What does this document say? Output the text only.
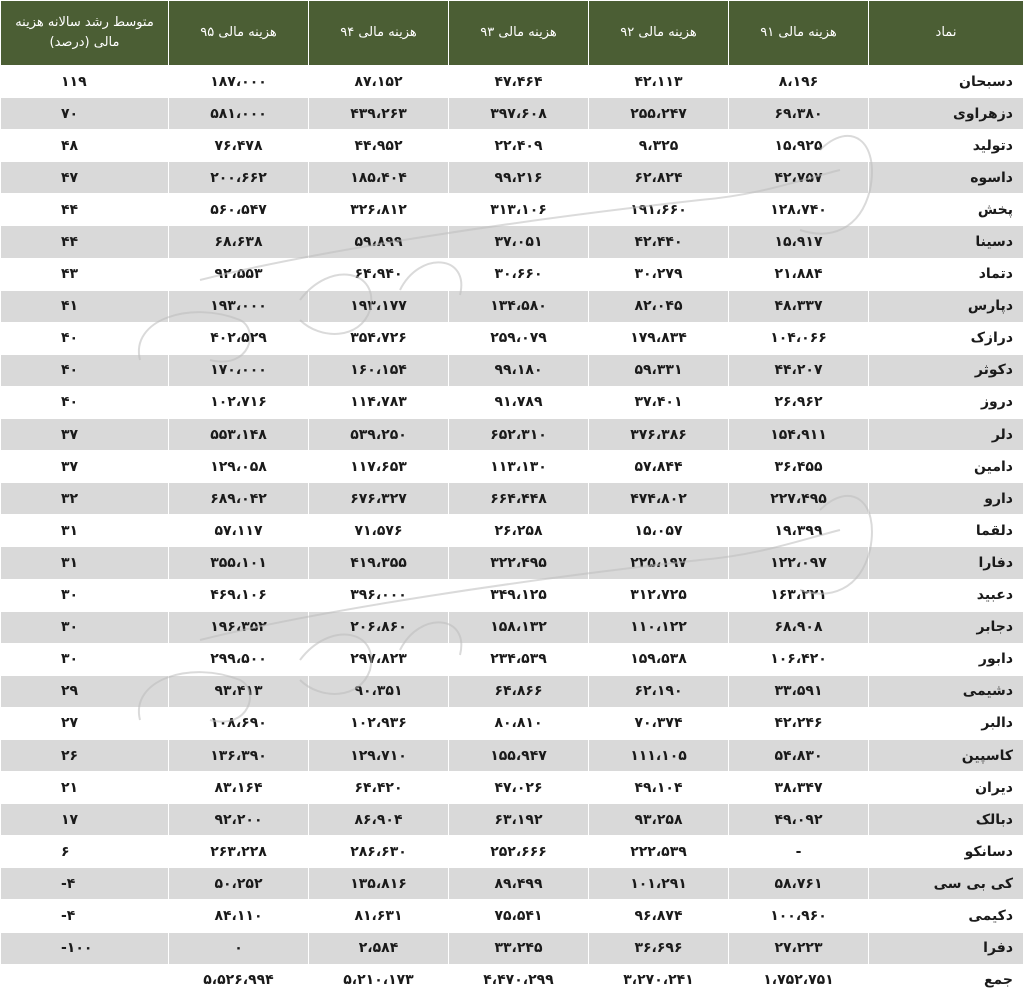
نماد	هزینه مالی ۹۱	هزینه مالی ۹۲	هزینه مالی ۹۳	هزینه مالی ۹۴	هزینه مالی ۹۵	متوسط رشد سالانه هزینه
مالی (درصد)

دسبحان	۸،۱۹۶	۴۲،۱۱۳	۴۷،۴۶۴	۸۷،۱۵۲	۱۸۷،۰۰۰	۱۱۹
دزهراوی	۶۹،۳۸۰	۲۵۵،۲۴۷	۳۹۷،۶۰۸	۴۳۹،۲۶۳	۵۸۱،۰۰۰	۷۰
دتولید	۱۵،۹۲۵	۹،۳۲۵	۲۲،۴۰۹	۴۴،۹۵۲	۷۶،۴۷۸	۴۸
داسوه	۴۲،۷۵۷	۶۲،۸۲۴	۹۹،۲۱۶	۱۸۵،۴۰۴	۲۰۰،۶۶۲	۴۷
پخش	۱۲۸،۷۴۰	۱۹۱،۶۶۰	۳۱۳،۱۰۶	۳۲۶،۸۱۲	۵۶۰،۵۴۷	۴۴
دسینا	۱۵،۹۱۷	۴۲،۴۴۰	۳۷،۰۵۱	۵۹،۸۹۹	۶۸،۶۳۸	۴۴
دتماد	۲۱،۸۸۴	۳۰،۲۷۹	۳۰،۶۶۰	۶۴،۹۴۰	۹۲،۵۵۳	۴۳
دپارس	۴۸،۳۳۷	۸۲،۰۴۵	۱۳۴،۵۸۰	۱۹۳،۱۷۷	۱۹۳،۰۰۰	۴۱
درازک	۱۰۴،۰۶۶	۱۷۹،۸۳۴	۲۵۹،۰۷۹	۳۵۴،۷۲۶	۴۰۲،۵۲۹	۴۰
دکوثر	۴۴،۲۰۷	۵۹،۳۳۱	۹۹،۱۸۰	۱۶۰،۱۵۴	۱۷۰،۰۰۰	۴۰
دروز	۲۶،۹۶۲	۳۷،۴۰۱	۹۱،۷۸۹	۱۱۴،۷۸۳	۱۰۲،۷۱۶	۴۰
دلر	۱۵۴،۹۱۱	۳۷۶،۳۸۶	۶۵۲،۳۱۰	۵۳۹،۲۵۰	۵۵۳،۱۴۸	۳۷
دامین	۳۶،۴۵۵	۵۷،۸۴۴	۱۱۳،۱۳۰	۱۱۷،۶۵۳	۱۲۹،۰۵۸	۳۷
دارو	۲۲۷،۴۹۵	۴۷۴،۸۰۲	۶۶۴،۴۴۸	۶۷۶،۳۲۷	۶۸۹،۰۴۲	۳۲
دلقما	۱۹،۳۹۹	۱۵،۰۵۷	۲۶،۲۵۸	۷۱،۵۷۶	۵۷،۱۱۷	۳۱
دفارا	۱۲۲،۰۹۷	۲۲۵،۱۹۷	۳۲۲،۴۹۵	۴۱۹،۳۵۵	۳۵۵،۱۰۱	۳۱
دعبید	۱۶۳،۲۲۱	۳۱۲،۷۲۵	۳۴۹،۱۲۵	۳۹۶،۰۰۰	۴۶۹،۱۰۶	۳۰
دجابر	۶۸،۹۰۸	۱۱۰،۱۲۲	۱۵۸،۱۳۲	۲۰۶،۸۶۰	۱۹۶،۳۵۲	۳۰
دابور	۱۰۶،۴۲۰	۱۵۹،۵۳۸	۲۳۴،۵۳۹	۲۹۷،۸۲۳	۲۹۹،۵۰۰	۳۰
دشیمی	۳۳،۵۹۱	۶۲،۱۹۰	۶۴،۸۶۶	۹۰،۳۵۱	۹۳،۴۱۳	۲۹
دالبر	۴۲،۲۴۶	۷۰،۳۷۴	۸۰،۸۱۰	۱۰۲،۹۳۶	۱۰۸،۶۹۰	۲۷
کاسپین	۵۴،۸۳۰	۱۱۱،۱۰۵	۱۵۵،۹۴۷	۱۲۹،۷۱۰	۱۳۶،۳۹۰	۲۶
دیران	۳۸،۳۴۷	۴۹،۱۰۴	۴۷،۰۲۶	۶۴،۴۲۰	۸۳،۱۶۴	۲۱
دبالک	۴۹،۰۹۲	۹۳،۲۵۸	۶۳،۱۹۲	۸۶،۹۰۴	۹۲،۲۰۰	۱۷
دسانکو	-	۲۲۲،۵۳۹	۲۵۲،۶۶۶	۲۸۶،۶۳۰	۲۶۳،۲۲۸	۶
کی بی سی	۵۸،۷۶۱	۱۰۱،۲۹۱	۸۹،۴۹۹	۱۳۵،۸۱۶	۵۰،۲۵۲	-۴
دکیمی	۱۰۰،۹۶۰	۹۶،۸۷۴	۷۵،۵۴۱	۸۱،۶۳۱	۸۴،۱۱۰	-۴
دفرا	۲۷،۲۲۳	۳۶،۶۹۶	۳۳،۲۴۵	۲،۵۸۴	۰	-۱۰۰
جمع	۱،۷۵۲،۷۵۱	۳،۲۷۰،۲۴۱	۴،۴۷۰،۲۹۹	۵،۲۱۰،۱۷۳	۵،۵۲۶،۹۹۴	
